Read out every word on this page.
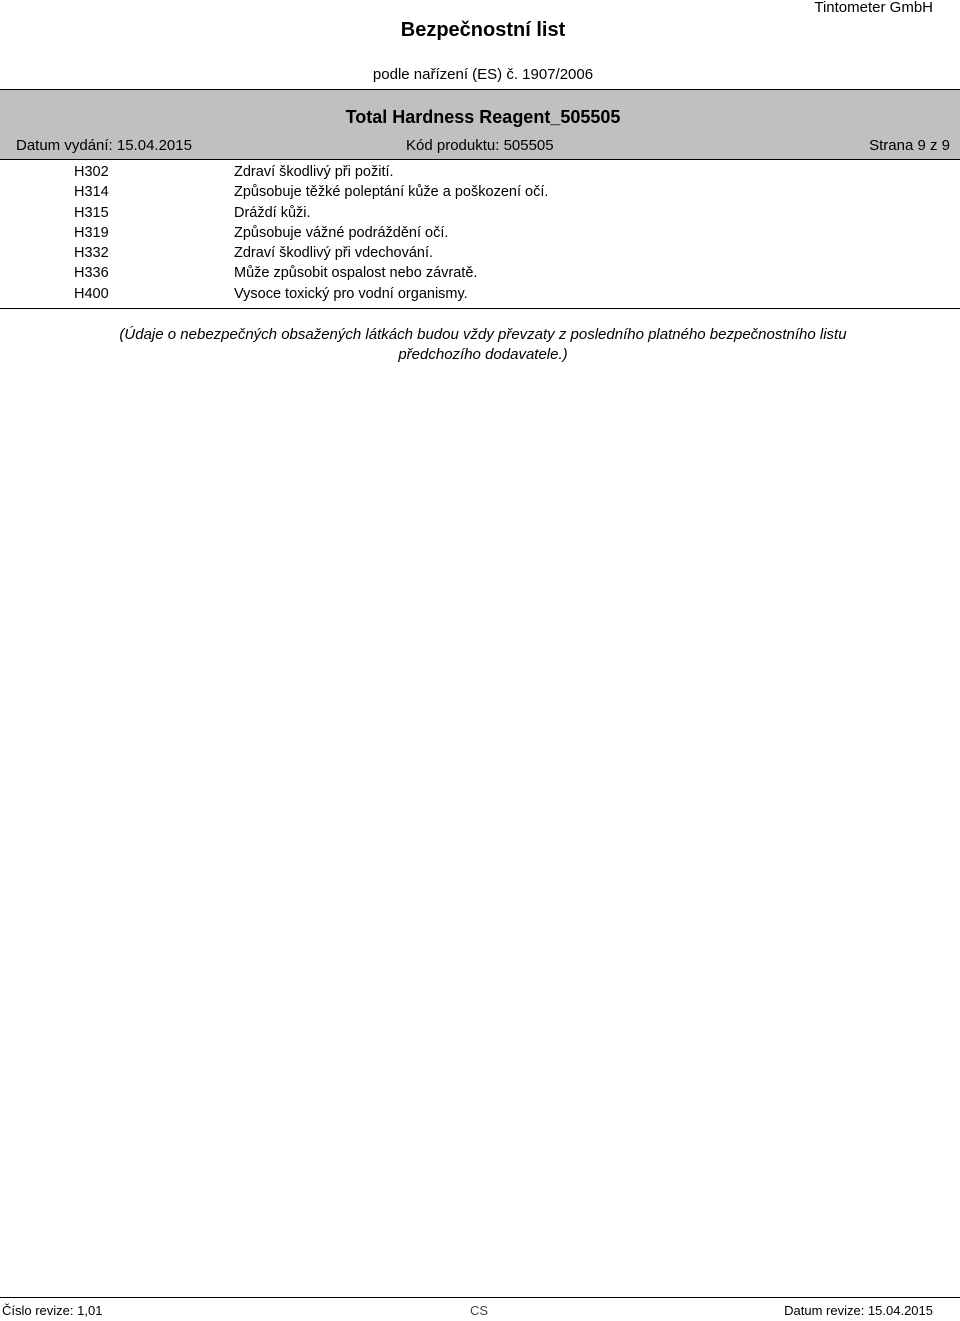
Tintometer GmbH
Bezpečnostní list
podle nařízení (ES) č. 1907/2006
Total Hardness Reagent_505505
Datum vydání: 15.04.2015	Kód produktu: 505505	Strana 9 z 9
H302	Zdraví škodlivý při požití.
H314	Způsobuje těžké poleptání kůže a poškození očí.
H315	Dráždí kůži.
H319	Způsobuje vážné podráždění očí.
H332	Zdraví škodlivý při vdechování.
H336	Může způsobit ospalost nebo závratě.
H400	Vysoce toxický pro vodní organismy.
(Údaje o nebezpečných obsažených látkách budou vždy převzaty z posledního platného bezpečnostního listu
předchozího dodavatele.)
Číslo revize: 1,01	CS	Datum revize: 15.04.2015
